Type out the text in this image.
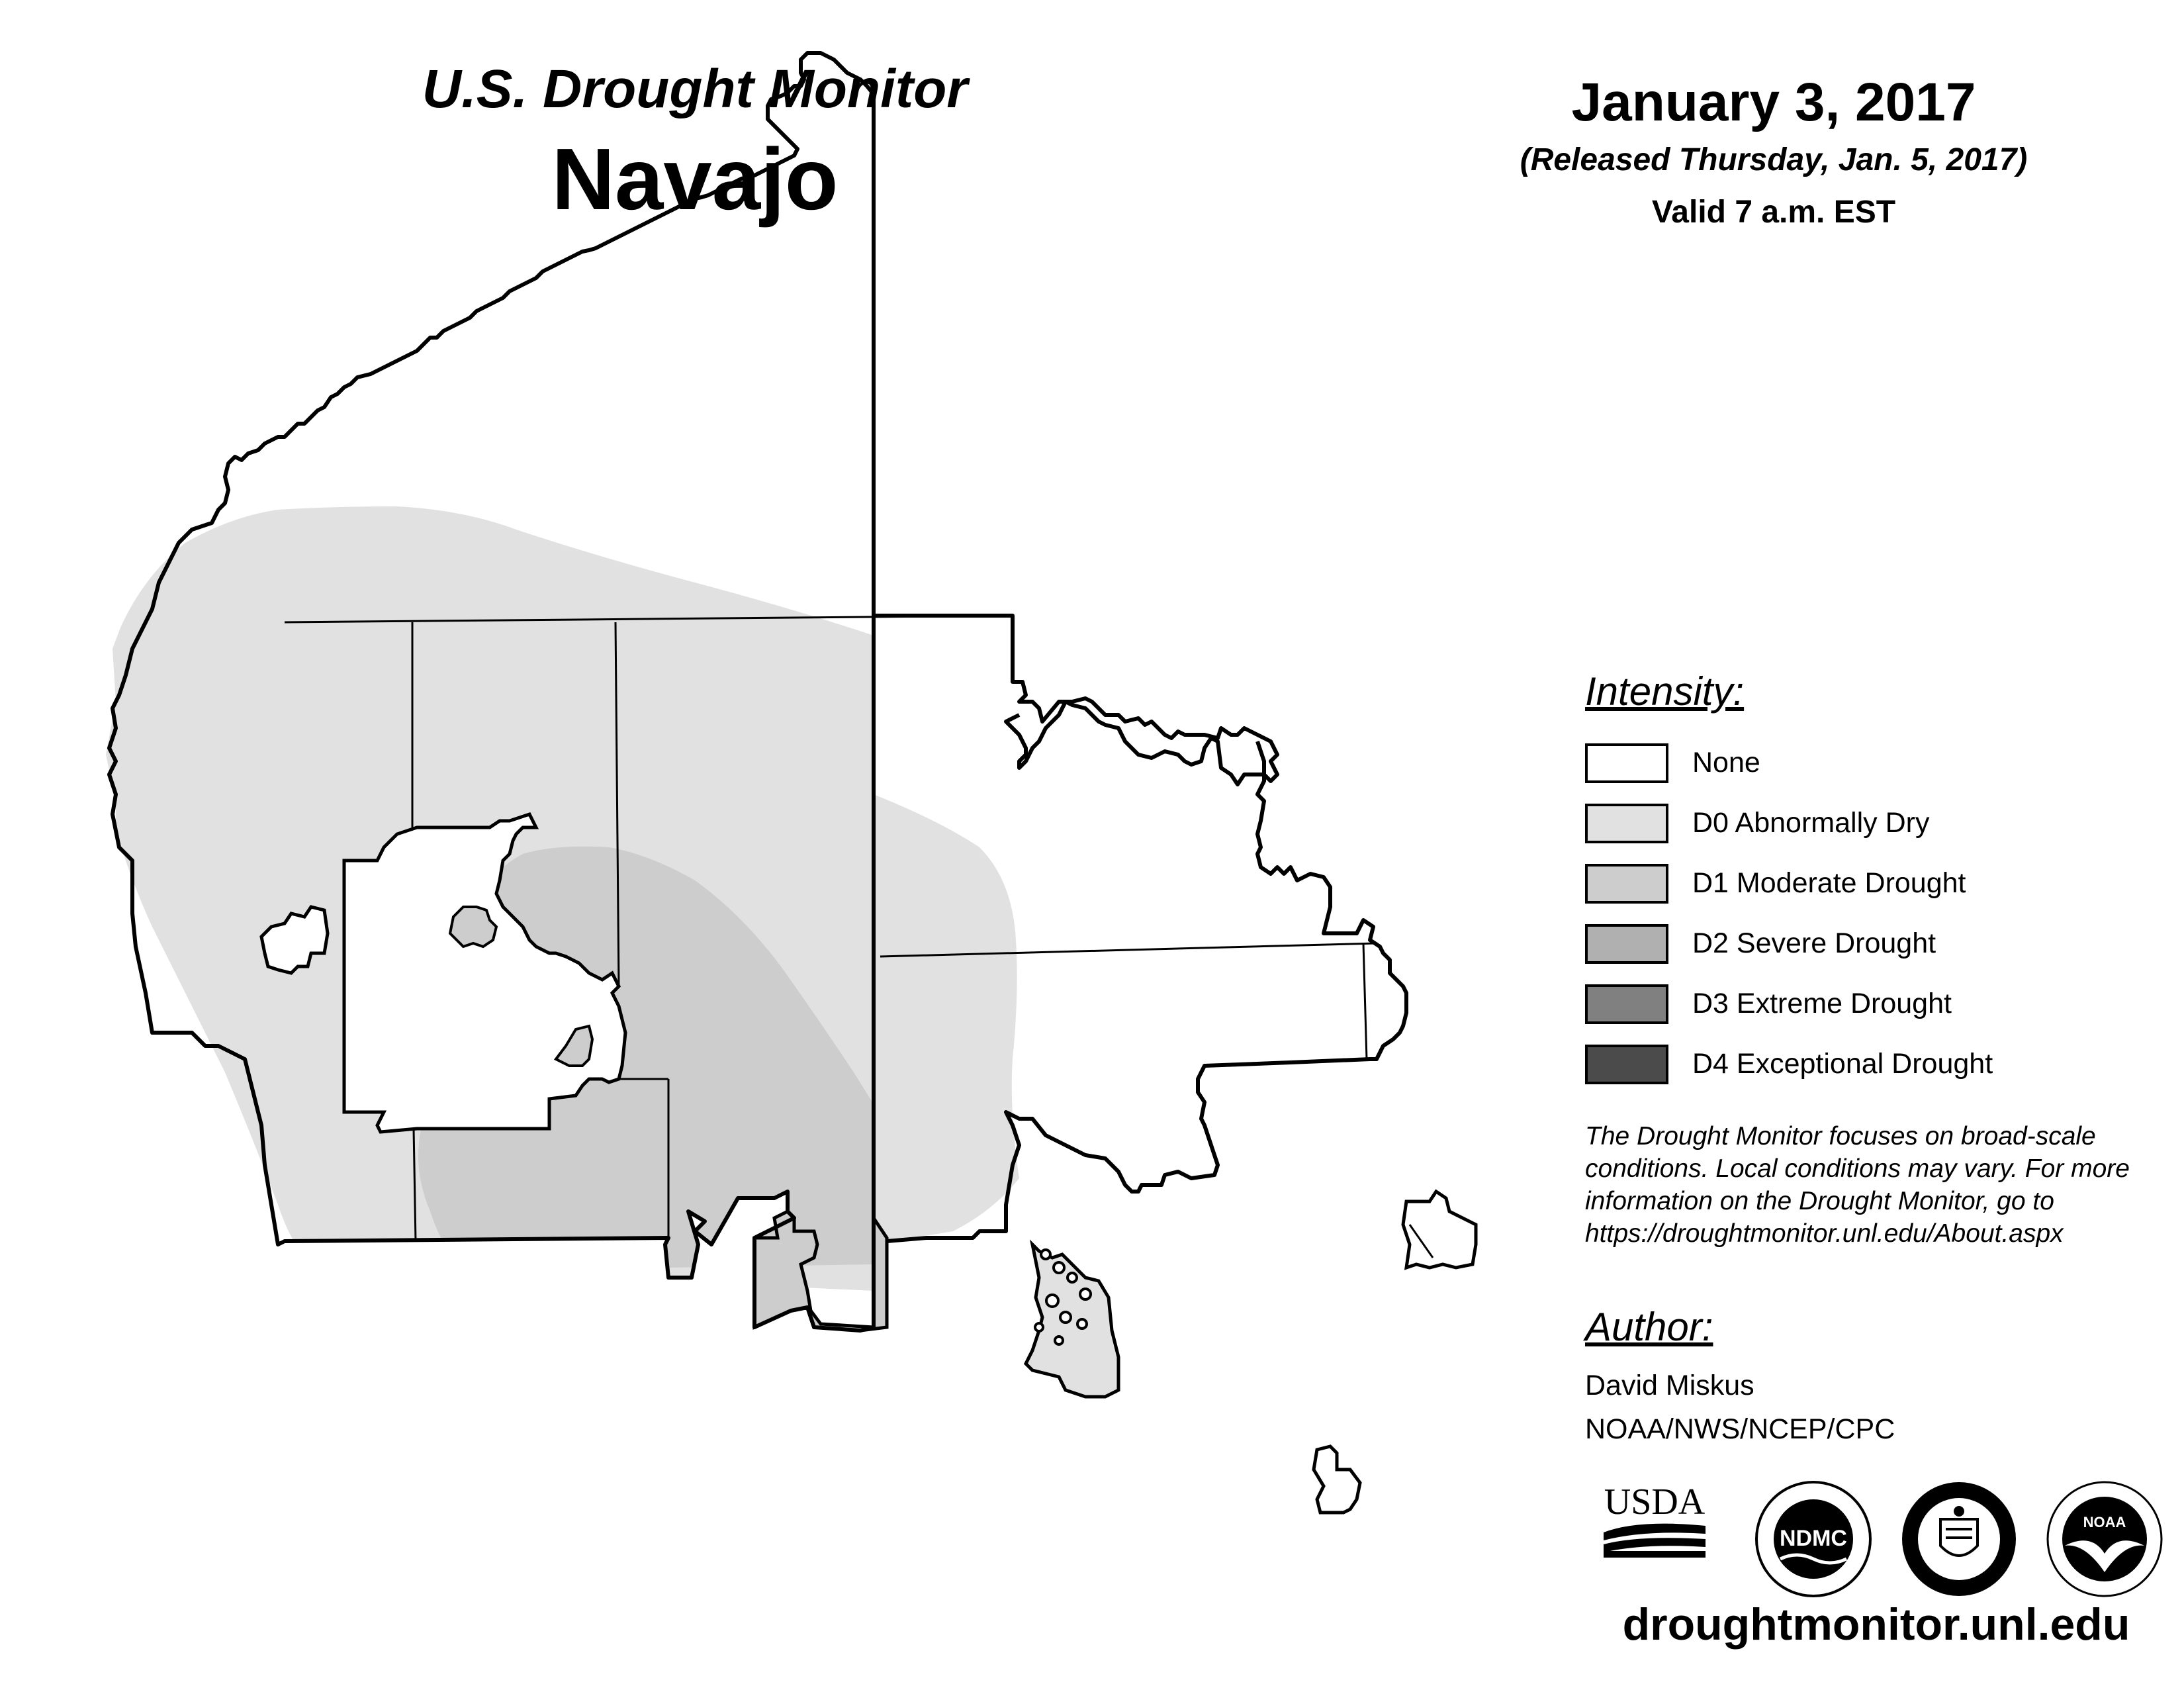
U.S. Drought Monitor
Navajo
January 3, 2017
(Released Thursday, Jan. 5, 2017)
Valid 7 a.m. EST
Intensity:
None
D0 Abnormally Dry
D1 Moderate Drought
D2 Severe Drought
D3 Extreme Drought
D4 Exceptional Drought
The Drought Monitor focuses on broad-scale
conditions. Local conditions may vary. For more
information on the Drought Monitor, go to
https://droughtmonitor.unl.edu/About.aspx
Author:
David Miskus
NOAA/NWS/NCEP/CPC
USDA
NDMC
NOAA
droughtmonitor.unl.edu
